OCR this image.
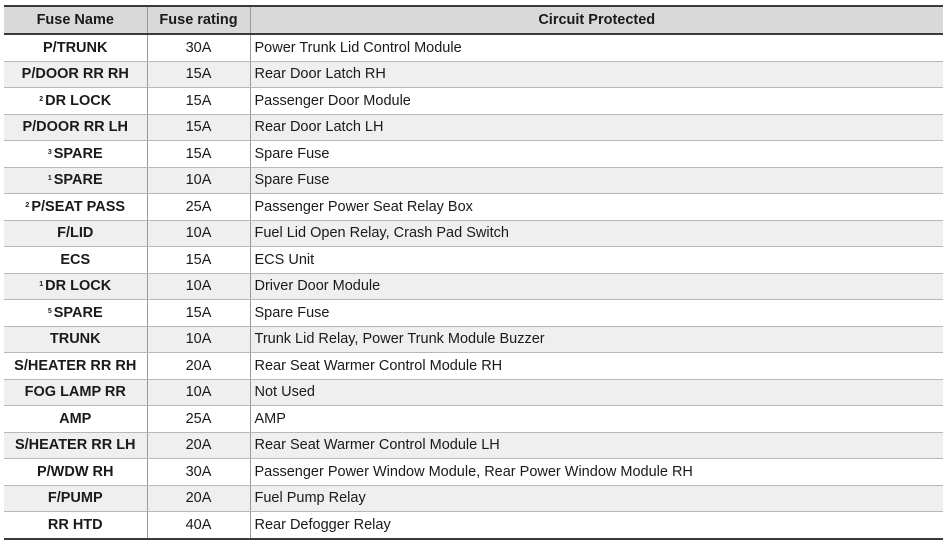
Fuse Name	Fuse rating	Circuit Protected
P/TRUNK	30A	Power Trunk Lid Control Module
P/DOOR RR RH	15A	Rear Door Latch RH
$^2$ DR LOCK	15A	Passenger Door Module
P/DOOR RR LH	15A	Rear Door Latch LH
$^3$ SPARE	15A	Spare Fuse
$^1$ SPARE	10A	Spare Fuse
$^2$ P/SEAT PASS	25A	Passenger Power Seat Relay Box
F/LID	10A	Fuel Lid Open Relay, Crash Pad Switch
ECS	15A	ECS Unit
$^1$ DR LOCK	10A	Driver Door Module
$^5$ SPARE	15A	Spare Fuse
TRUNK	10A	Trunk Lid Relay, Power Trunk Module Buzzer
S/HEATER RR RH	20A	Rear Seat Warmer Control Module RH
FOG LAMP RR	10A	Not Used
AMP	25A	AMP
S/HEATER RR LH	20A	Rear Seat Warmer Control Module LH
P/WDW RH	30A	Passenger Power Window Module, Rear Power Window Module RH
F/PUMP	20A	Fuel Pump Relay
RR HTD	40A	Rear Defogger Relay
